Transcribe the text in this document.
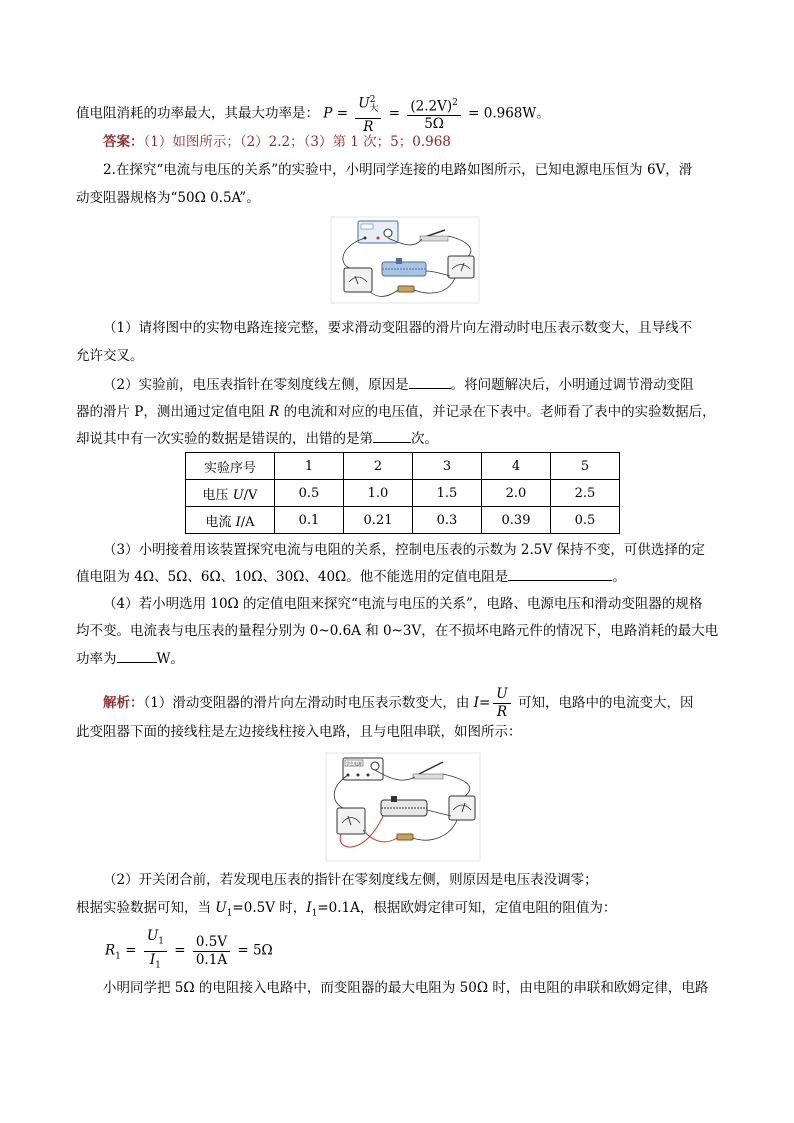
值电阻消耗的功率最大，其最大功率是： $P = \frac{U^2_大}{R} = \frac{(2.2V)^2}{5\Omega} = 0.968W$。
答案：（1）如图所示；（2）2.2；（3）第 1 次；5；0.968
2.在探究“电流与电压的关系”的实验中，小明同学连接的电路如图所示，已知电源电压恒为 6V，滑
动变阻器规格为“50Ω 0.5A”。
（1）请将图中的实物电路连接完整，要求滑动变阻器的滑片向左滑动时电压表示数变大，且导线不
允许交叉。
（2）实验前，电压表指针在零刻度线左侧，原因是	。将问题解决后，小明通过调节滑动变阻
器的滑片 P，测出通过定值电阻 R 的电流和对应的电压值，并记录在下表中。老师看了表中的实验数据后，
却说其中有一次实验的数据是错误的，出错的是第	次。
实验序号	1	2	3	4	5
电压 U/V	0.5	1.0	1.5	2.0	2.5
电流 I/A	0.1	0.21	0.3	0.39	0.5
（3）小明接着用该装置探究电流与电阻的关系，控制电压表的示数为 2.5V 保持不变，可供选择的定
值电阻为 4Ω、5Ω、6Ω、10Ω、30Ω、40Ω。他不能选用的定值电阻是	。
（4）若小明选用 10Ω 的定值电阻来探究“电流与电压的关系”，电路、电源电压和滑动变阻器的规格
均不变。电流表与电压表的量程分别为 0~0.6A 和 0~3V，在不损坏电路元件的情况下，电路消耗的最大电
功率为	W。
解析：（1）滑动变阻器的滑片向左滑动时电压表示数变大，由 $I= \frac{U}{R}$ 可知，电路中的电流变大，因
此变阻器下面的接线柱是左边接线柱接入电路，且与电阻串联，如图所示：
学生电源
（2）开关闭合前，若发现电压表的指针在零刻度线左侧，则原因是电压表没调零；
根据实验数据可知，当 $U_1=0.5V$ 时，$I_1=0.1A$，根据欧姆定律可知，定值电阻的阻值为：
$R_1 = \frac{U_1}{I_1} = \frac{0.5V}{0.1A} = 5\Omega$
小明同学把 5Ω 的电阻接入电路中，而变阻器的最大电阻为 50Ω 时，由电阻的串联和欧姆定律，电路
